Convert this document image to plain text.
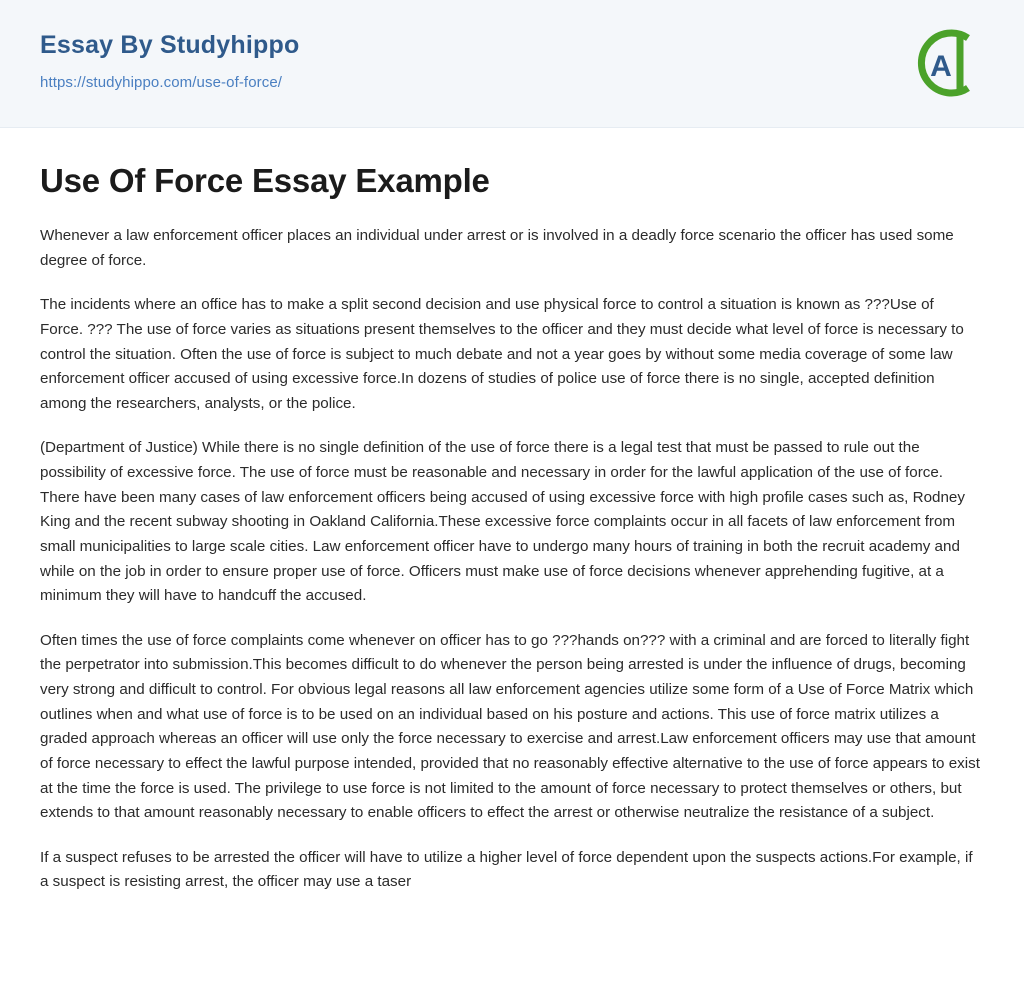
Essay By Studyhippo
https://studyhippo.com/use-of-force/	A
Use Of Force Essay Example

Whenever a law enforcement officer places an individual under arrest or is involved in a deadly force scenario the officer has used some degree of force.

The incidents where an office has to make a split second decision and use physical force to control a situation is known as ???Use of Force. ??? The use of force varies as situations present themselves to the officer and they must decide what level of force is necessary to control the situation. Often the use of force is subject to much debate and not a year goes by without some media coverage of some law enforcement officer accused of using excessive force.In dozens of studies of police use of force there is no single, accepted definition among the researchers, analysts, or the police.

(Department of Justice) While there is no single definition of the use of force there is a legal test that must be passed to rule out the possibility of excessive force. The use of force must be reasonable and necessary in order for the lawful application of the use of force. There have been many cases of law enforcement officers being accused of using excessive force with high profile cases such as, Rodney King and the recent subway shooting in Oakland California.These excessive force complaints occur in all facets of law enforcement from small municipalities to large scale cities. Law enforcement officer have to undergo many hours of training in both the recruit academy and while on the job in order to ensure proper use of force. Officers must make use of force decisions whenever apprehending fugitive, at a minimum they will have to handcuff the accused.

Often times the use of force complaints come whenever on officer has to go ???hands on??? with a criminal and are forced to literally fight the perpetrator into submission.This becomes difficult to do whenever the person being arrested is under the influence of drugs, becoming very strong and difficult to control. For obvious legal reasons all law enforcement agencies utilize some form of a Use of Force Matrix which outlines when and what use of force is to be used on an individual based on his posture and actions. This use of force matrix utilizes a graded approach whereas an officer will use only the force necessary to exercise and arrest.Law enforcement officers may use that amount of force necessary to effect the lawful purpose intended, provided that no reasonably effective alternative to the use of force appears to exist at the time the force is used. The privilege to use force is not limited to the amount of force necessary to protect themselves or others, but extends to that amount reasonably necessary to enable officers to effect the arrest or otherwise neutralize the resistance of a subject.

If a suspect refuses to be arrested the officer will have to utilize a higher level of force dependent upon the suspects actions.For example, if a suspect is resisting arrest, the officer may use a taser
